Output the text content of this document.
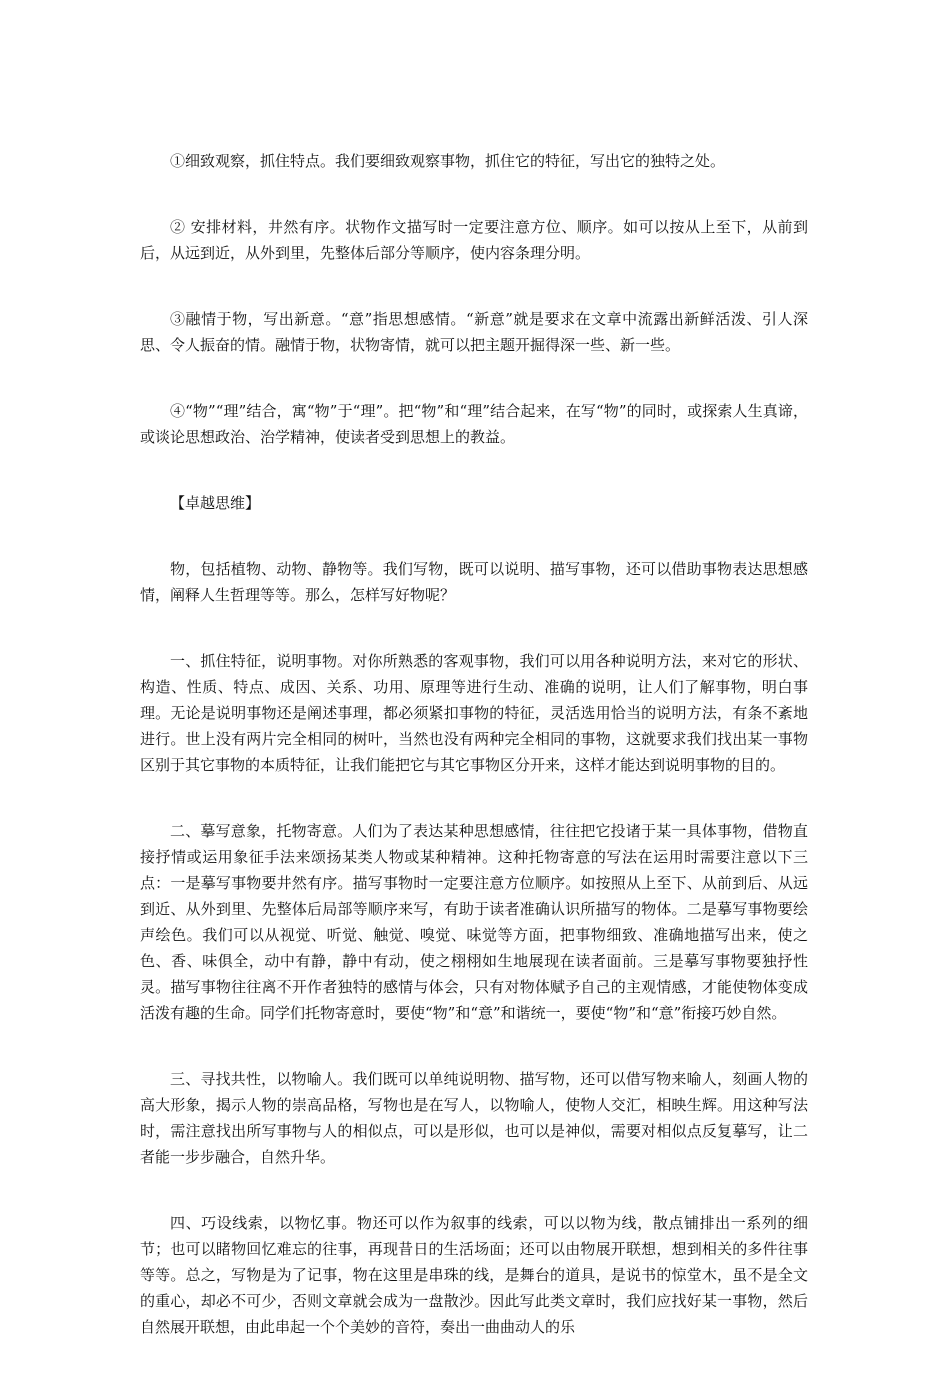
①细致观察，抓住特点。我们要细致观察事物，抓住它的特征，写出它的独特之处。

② 安排材料，井然有序。状物作文描写时一定要注意方位、顺序。如可以按从上至下，从前到后，从远到近，从外到里，先整体后部分等顺序，使内容条理分明。

③融情于物，写出新意。“意”指思想感情。“新意”就是要求在文章中流露出新鲜活泼、引人深思、令人振奋的情。融情于物，状物寄情，就可以把主题开掘得深一些、新一些。

④“物”“理”结合，寓“物”于“理”。把“物”和“理”结合起来，在写“物”的同时，或探索人生真谛，或谈论思想政治、治学精神，使读者受到思想上的教益。

【卓越思维】

物，包括植物、动物、静物等。我们写物，既可以说明、描写事物，还可以借助事物表达思想感情，阐释人生哲理等等。那么，怎样写好物呢？

一、抓住特征，说明事物。对你所熟悉的客观事物，我们可以用各种说明方法，来对它的形状、构造、性质、特点、成因、关系、功用、原理等进行生动、准确的说明，让人们了解事物，明白事理。无论是说明事物还是阐述事理，都必须紧扣事物的特征，灵活选用恰当的说明方法，有条不紊地进行。世上没有两片完全相同的树叶，当然也没有两种完全相同的事物，这就要求我们找出某一事物区别于其它事物的本质特征，让我们能把它与其它事物区分开来，这样才能达到说明事物的目的。

二、摹写意象，托物寄意。人们为了表达某种思想感情，往往把它投诸于某一具体事物，借物直接抒情或运用象征手法来颂扬某类人物或某种精神。这种托物寄意的写法在运用时需要注意以下三点：一是摹写事物要井然有序。描写事物时一定要注意方位顺序。如按照从上至下、从前到后、从远到近、从外到里、先整体后局部等顺序来写，有助于读者准确认识所描写的物体。二是摹写事物要绘声绘色。我们可以从视觉、听觉、触觉、嗅觉、味觉等方面，把事物细致、准确地描写出来，使之色、香、味俱全，动中有静，静中有动，使之栩栩如生地展现在读者面前。三是摹写事物要独抒性灵。描写事物往往离不开作者独特的感情与体会，只有对物体赋予自己的主观情感，才能使物体变成活泼有趣的生命。同学们托物寄意时，要使“物”和“意”和谐统一，要使“物”和“意”衔接巧妙自然。

三、寻找共性，以物喻人。我们既可以单纯说明物、描写物，还可以借写物来喻人，刻画人物的高大形象，揭示人物的崇高品格，写物也是在写人，以物喻人，使物人交汇，相映生辉。用这种写法时，需注意找出所写事物与人的相似点，可以是形似，也可以是神似，需要对相似点反复摹写，让二者能一步步融合，自然升华。

四、巧设线索，以物忆事。物还可以作为叙事的线索，可以以物为线，散点铺排出一系列的细节；也可以睹物回忆难忘的往事，再现昔日的生活场面；还可以由物展开联想，想到相关的多件往事等等。总之，写物是为了记事，物在这里是串珠的线，是舞台的道具，是说书的惊堂木，虽不是全文的重心，却必不可少，否则文章就会成为一盘散沙。因此写此类文章时，我们应找好某一事物，然后自然展开联想，由此串起一个个美妙的音符，奏出一曲曲动人的乐
